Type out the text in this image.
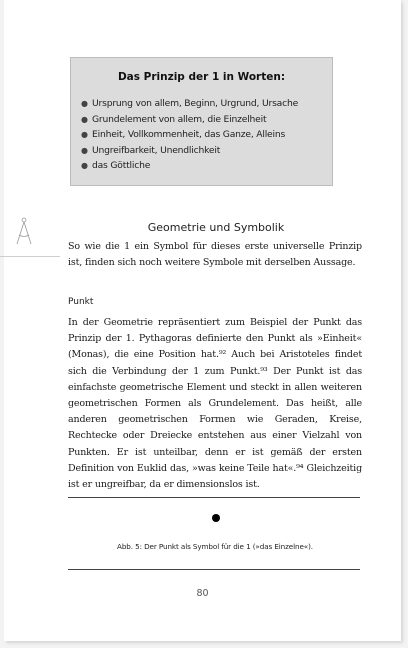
Das Prinzip der 1 in Worten:
● Ursprung von allem, Beginn, Urgrund, Ursache
● Grundelement von allem, die Einzelheit
● Einheit, Vollkommenheit, das Ganze, Alleins
● Ungreifbarkeit, Unendlichkeit
● das Göttliche
Geometrie und Symbolik

So wie die 1 ein Symbol für dieses erste universelle Prinzip ist, finden sich noch weitere Symbole mit derselben Aussage.

Punkt

In der Geometrie repräsentiert zum Beispiel der Punkt das Prinzip der 1. Pythagoras definierte den Punkt als »Einheit« (Monas), die eine Position hat.⁹² Auch bei Aristoteles findet sich die Verbindung der 1 zum Punkt.⁹³ Der Punkt ist das einfachste geometrische Element und steckt in allen weiteren geometrischen Formen als Grundelement. Das heißt, alle anderen geometrischen Formen wie Geraden, Kreise, Rechtecke oder Dreiecke entstehen aus einer Vielzahl von Punkten. Er ist unteilbar, denn er ist gemäß der ersten Definition von Euklid das, »was keine Teile hat«.⁹⁴ Gleichzeitig ist er ungreifbar, da er dimensionslos ist.

Abb. 5: Der Punkt als Symbol für die 1 (»das Einzelne«).
80
